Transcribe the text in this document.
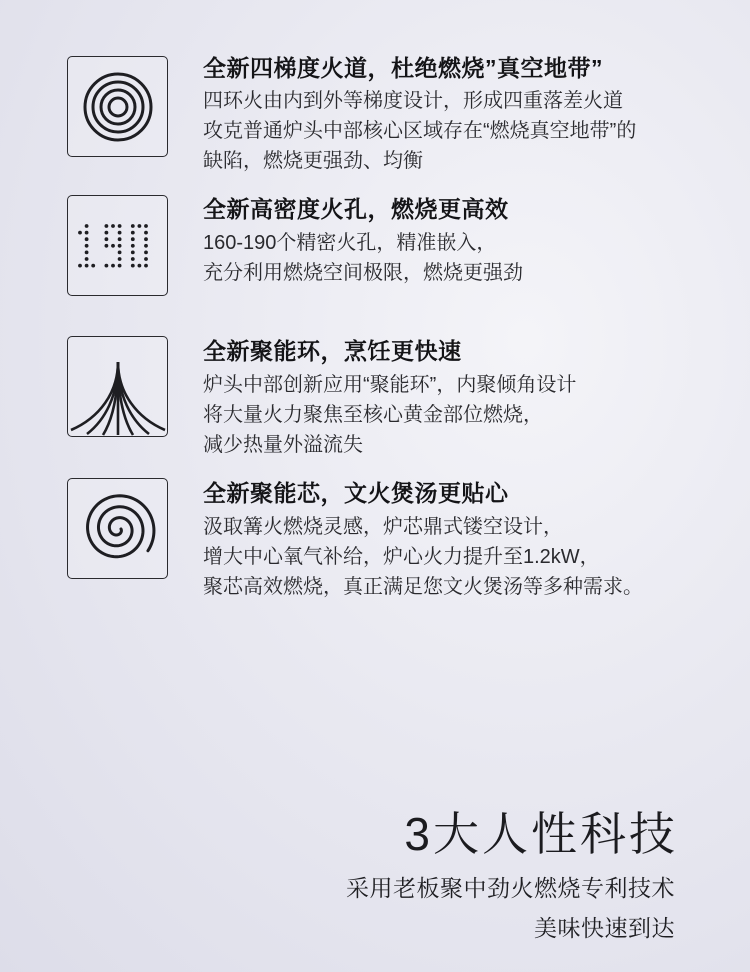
全新四梯度火道，杜绝燃烧”真空地带”
四环火由内到外等梯度设计，形成四重落差火道
攻克普通炉头中部核心区域存在“燃烧真空地带”的
缺陷，燃烧更强劲、均衡
全新高密度火孔，燃烧更高效
160-190个精密火孔，精准嵌入，
充分利用燃烧空间极限，燃烧更强劲
全新聚能环，烹饪更快速
炉头中部创新应用“聚能环”，内聚倾角设计
将大量火力聚焦至核心黄金部位燃烧，
减少热量外溢流失
全新聚能芯，文火煲汤更贴心
汲取篝火燃烧灵感，炉芯鼎式镂空设计，
增大中心氧气补给，炉心火力提升至1.2kW，
聚芯高效燃烧，真正满足您文火煲汤等多种需求。
3大人性科技
采用老板聚中劲火燃烧专利技术
美味快速到达
